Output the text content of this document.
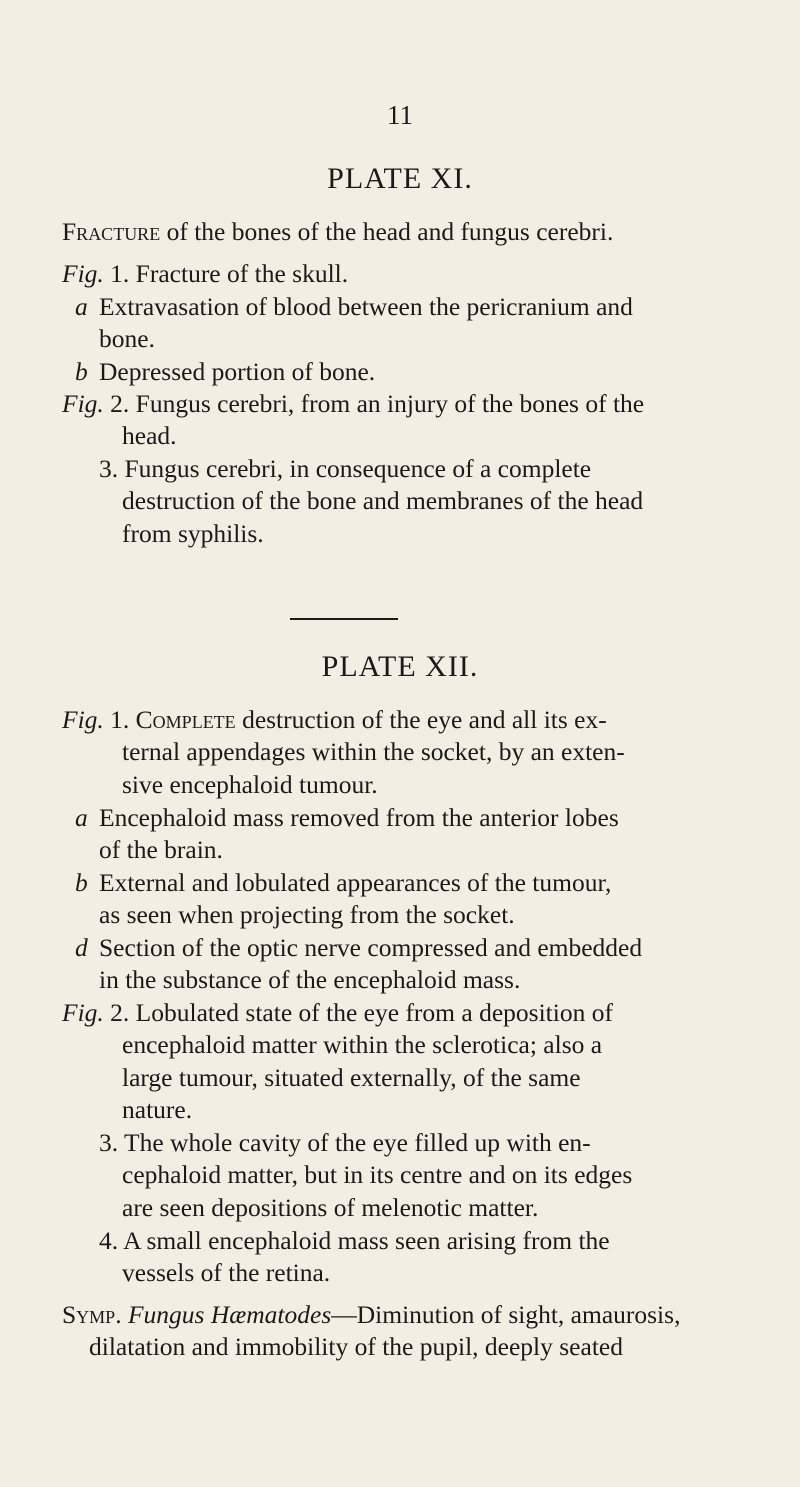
11
PLATE XI.
Fracture of the bones of the head and fungus cerebri.
Fig. 1. Fracture of the skull.
a Extravasation of blood between the pericranium and
bone.
b Depressed portion of bone.
Fig. 2. Fungus cerebri, from an injury of the bones of the
head.
3. Fungus cerebri, in consequence of a complete
destruction of the bone and membranes of the head
from syphilis.
PLATE XII.
Fig. 1. Complete destruction of the eye and all its ex-
ternal appendages within the socket, by an exten-
sive encephaloid tumour.
a Encephaloid mass removed from the anterior lobes
of the brain.
b External and lobulated appearances of the tumour,
as seen when projecting from the socket.
d Section of the optic nerve compressed and embedded
in the substance of the encephaloid mass.
Fig. 2. Lobulated state of the eye from a deposition of
encephaloid matter within the sclerotica; also a
large tumour, situated externally, of the same
nature.
3. The whole cavity of the eye filled up with en-
cephaloid matter, but in its centre and on its edges
are seen depositions of melenotic matter.
4. A small encephaloid mass seen arising from the
vessels of the retina.
Symp. Fungus Hæmatodes—Diminution of sight, amaurosis,
dilatation and immobility of the pupil, deeply seated
